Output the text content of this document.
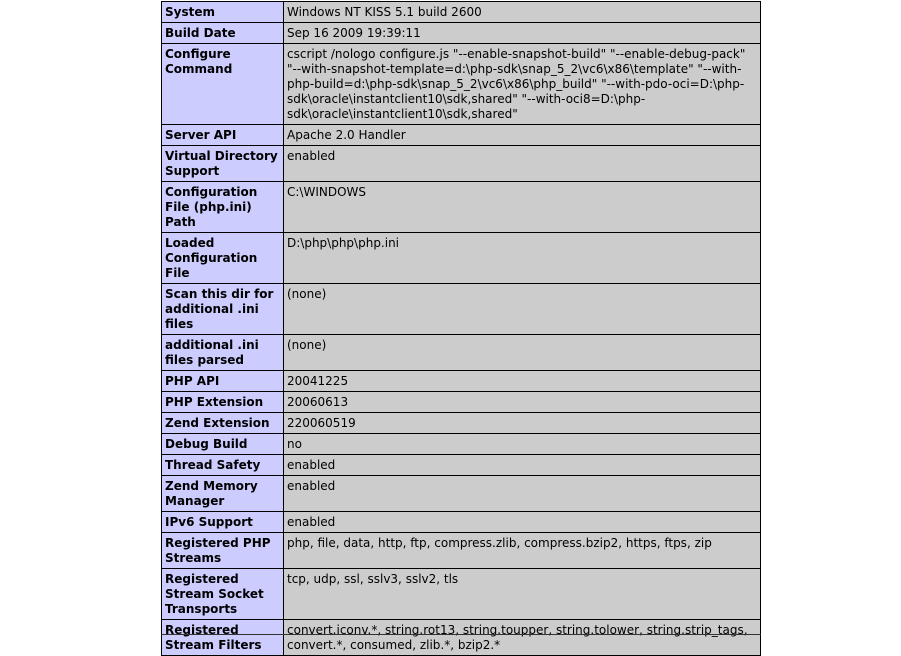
System	Windows NT KISS 5.1 build 2600
Build Date	Sep 16 2009 19:39:11
Configure Command	cscript /nologo configure.js "--enable-snapshot-build" "--enable-debug-pack" "--with-snapshot-template=d:\php-sdk\snap_5_2\vc6\x86\template" "--with-php-build=d:\php-sdk\snap_5_2\vc6\x86\php_build" "--with-pdo-oci=D:\php-sdk\oracle\instantclient10\sdk,shared" "--with-oci8=D:\php-sdk\oracle\instantclient10\sdk,shared"
Server API	Apache 2.0 Handler
Virtual Directory Support	enabled
Configuration File (php.ini) Path	C:\WINDOWS
Loaded Configuration File	D:\php\php\php.ini
Scan this dir for additional .ini files	(none)
additional .ini files parsed	(none)
PHP API	20041225
PHP Extension	20060613
Zend Extension	220060519
Debug Build	no
Thread Safety	enabled
Zend Memory Manager	enabled
IPv6 Support	enabled
Registered PHP Streams	php, file, data, http, ftp, compress.zlib, compress.bzip2, https, ftps, zip
Registered Stream Socket Transports	tcp, udp, ssl, sslv3, sslv2, tls
Registered Stream Filters	convert.iconv.*, string.rot13, string.toupper, string.tolower, string.strip_tags, convert.*, consumed, zlib.*, bzip2.*
